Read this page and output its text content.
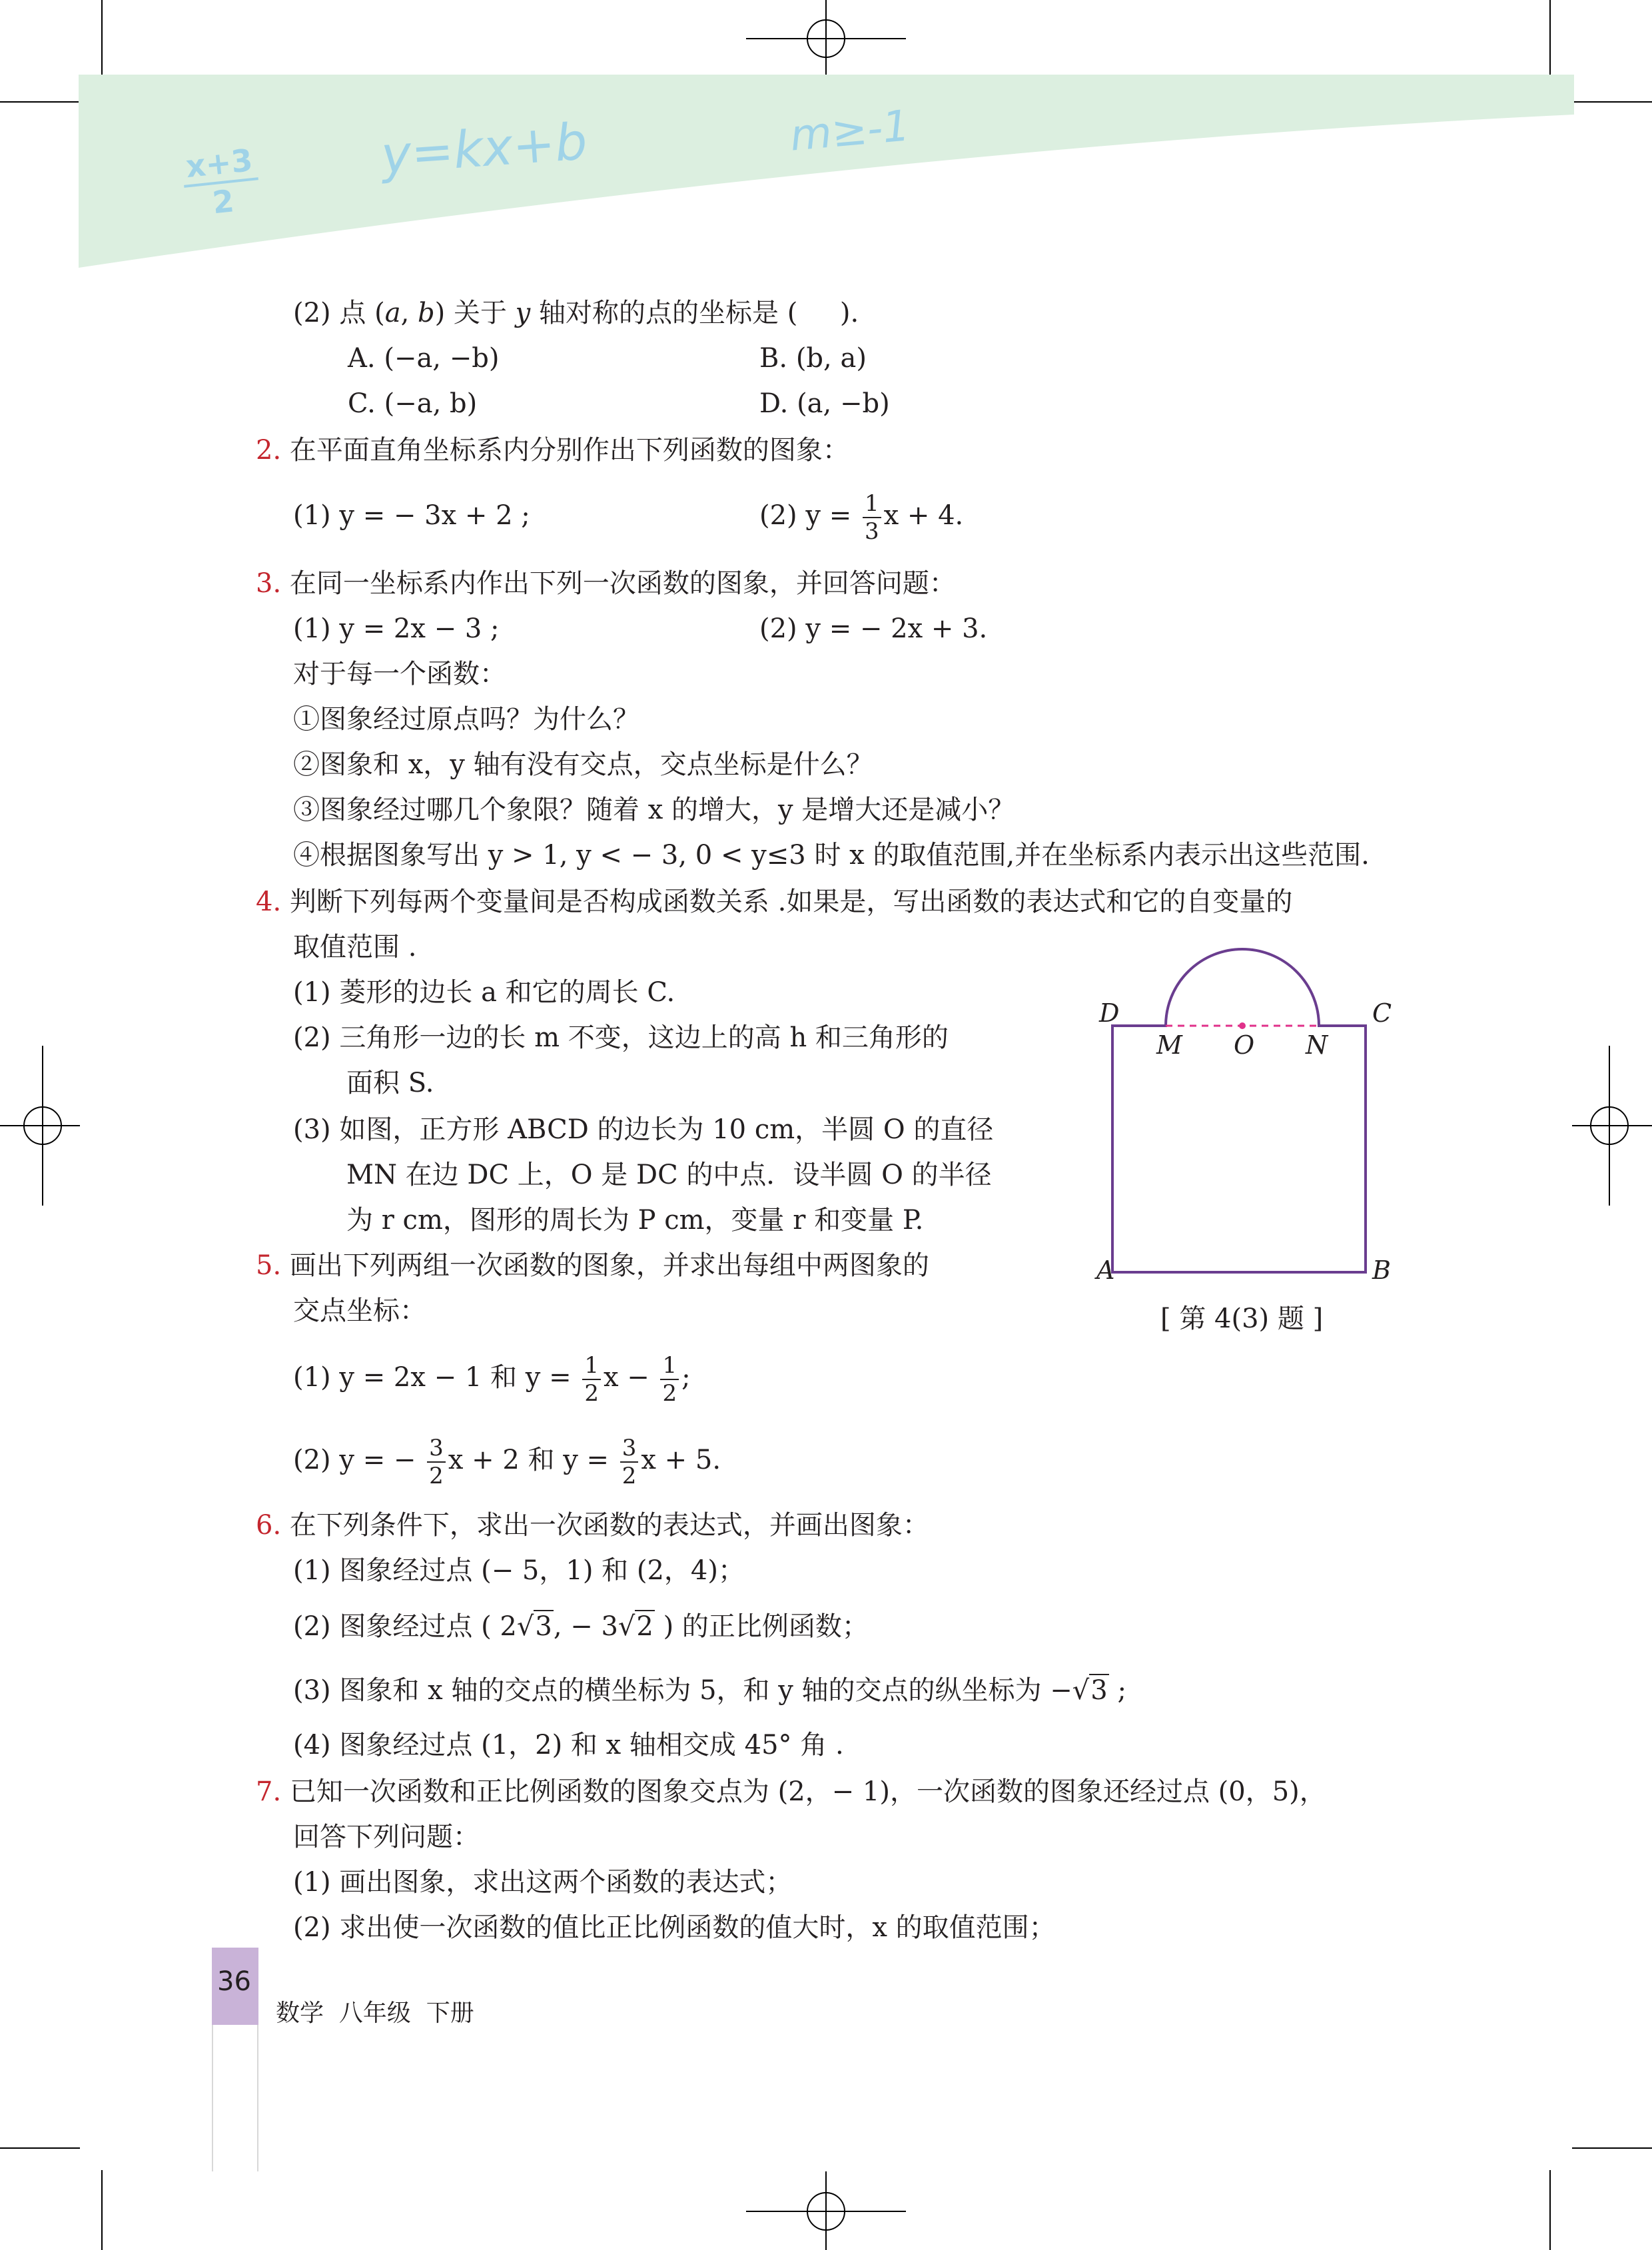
x+3
2
y=kx+b	m≥-1
(2) 点 (a, b) 关于 y 轴对称的点的坐标是 ( ).
A. (−a, −b)	B. (b, a)
C. (−a, b)	D. (a, −b)
2. 在平面直角坐标系内分别作出下列函数的图象：
(1) y = − 3x + 2 ;	(2) $y = \frac{1}{3}$ x + 4.
3. 在同一坐标系内作出下列一次函数的图象，并回答问题：
(1) y = 2x − 3 ;	(2) y = − 2x + 3.
对于每一个函数：
①图象经过原点吗？为什么？
②图象和 x，y 轴有没有交点，交点坐标是什么？
③图象经过哪几个象限？随着 x 的增大，y 是增大还是减小？
④根据图象写出 y > 1, y < − 3, 0 < y≤3 时 x 的取值范围,并在坐标系内表示出这些范围.
4. 判断下列每两个变量间是否构成函数关系 .如果是，写出函数的表达式和它的自变量的
取值范围 .
(1) 菱形的边长 a 和它的周长 C.
(2) 三角形一边的长 m 不变，这边上的高 h 和三角形的
面积 S.
(3) 如图，正方形 ABCD 的边长为 10 cm，半圆 O 的直径
MN 在边 DC 上，O 是 DC 的中点．设半圆 O 的半径
为 r cm，图形的周长为 P cm，变量 r 和变量 P.
D	C
M O N
A	B
[ 第 4(3) 题 ]
5. 画出下列两组一次函数的图象，并求出每组中两图象的
交点坐标：
(1) y = 2x − 1 和 $y = \frac{1}{2}$ $x - \frac{1}{2}$ ;
(2) y = − $\frac{3}{2}$ x + 2 和 $y = \frac{3}{2}$ x + 5.
6. 在下列条件下，求出一次函数的表达式，并画出图象：
(1) 图象经过点 (− 5，1) 和 (2，4)；
(2) 图象经过点 ( 2√3, − 3√2 ) 的正比例函数；
(3) 图象和 x 轴的交点的横坐标为 5，和 y 轴的交点的纵坐标为 −√3 ;
(4) 图象经过点 (1，2) 和 x 轴相交成 45° 角 .
7. 已知一次函数和正比例函数的图象交点为 (2，− 1)，一次函数的图象还经过点 (0，5)，
回答下列问题：
(1) 画出图象，求出这两个函数的表达式；
(2) 求出使一次函数的值比正比例函数的值大时，x 的取值范围；
36
数学  八年级  下册
